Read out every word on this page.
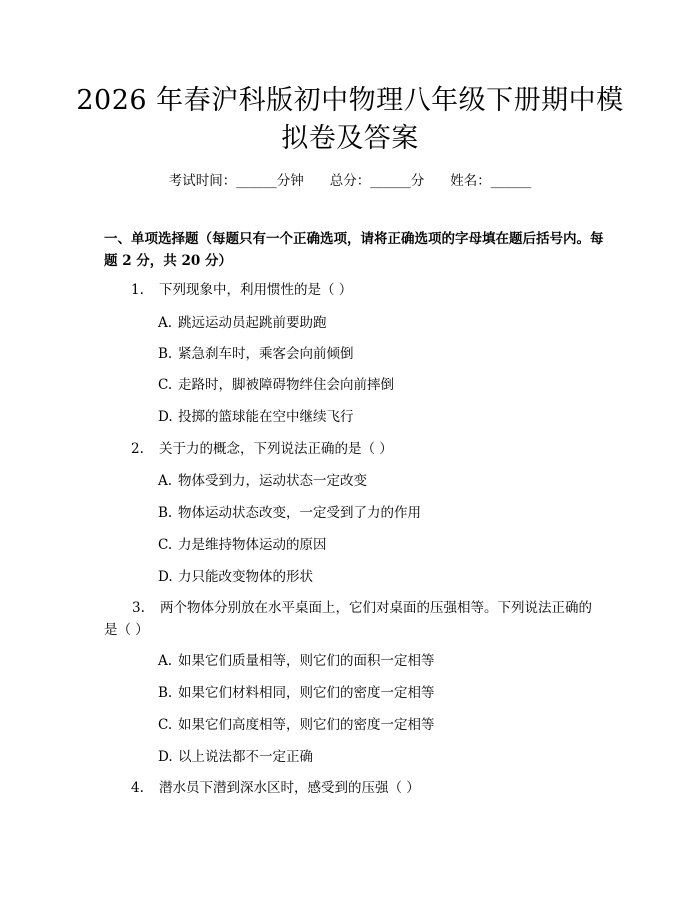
2026 年春沪科版初中物理八年级下册期中模
拟卷及答案
考试时间：______分钟 总分：______分 姓名：______
一、单项选择题（每题只有一个正确选项，请将正确选项的字母填在题后括号内。每题 2 分，共 20 分）
1. 下列现象中，利用惯性的是（ ）
A. 跳远运动员起跳前要助跑
B. 紧急刹车时，乘客会向前倾倒
C. 走路时，脚被障碍物绊住会向前摔倒
D. 投掷的篮球能在空中继续飞行
2. 关于力的概念，下列说法正确的是（ ）
A. 物体受到力，运动状态一定改变
B. 物体运动状态改变，一定受到了力的作用
C. 力是维持物体运动的原因
D. 力只能改变物体的形状
3. 两个物体分别放在水平桌面上，它们对桌面的压强相等。下列说法正确的是（ ）
A. 如果它们质量相等，则它们的面积一定相等
B. 如果它们材料相同，则它们的密度一定相等
C. 如果它们高度相等，则它们的密度一定相等
D. 以上说法都不一定正确
4. 潜水员下潜到深水区时，感受到的压强（ ）
